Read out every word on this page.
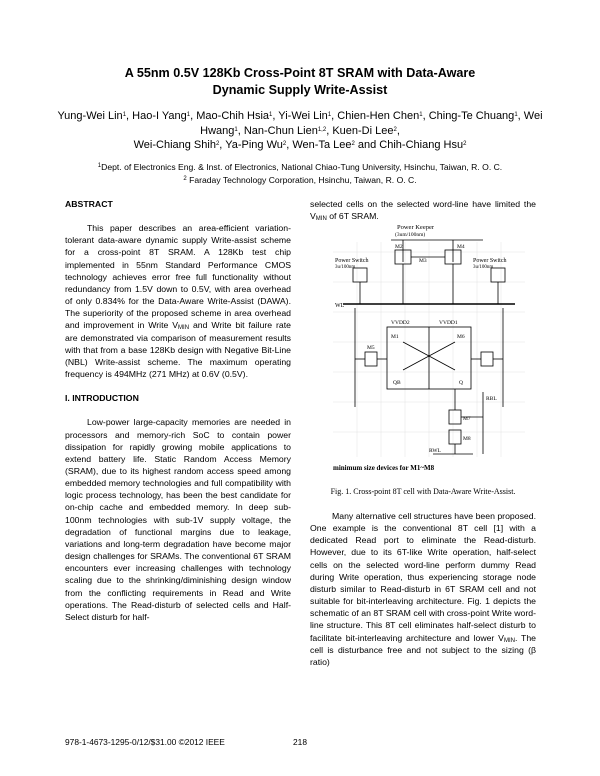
A 55nm 0.5V 128Kb Cross-Point 8T SRAM with Data-Aware
Dynamic Supply Write-Assist
Yung-Wei Lin$^1$, Hao-I Yang$^1$, Mao-Chih Hsia$^1$, Yi-Wei Lin$^1$, Chien-Hen Chen$^1$, Ching-Te Chuang$^1$, Wei Hwang$^1$, Nan-Chun Lien$^{1,2}$, Kuen-Di Lee$^2$,
Wei-Chiang Shih$^2$, Ya-Ping Wu$^2$, Wen-Ta Lee$^2$ and Chih-Chiang Hsu$^2$
$^1$Dept. of Electronics Eng. & Inst. of Electronics, National Chiao-Tung University, Hsinchu, Taiwan, R. O. C.
$^2$ Faraday Technology Corporation, Hsinchu, Taiwan, R. O. C.
ABSTRACT

This paper describes an area-efficient variation-tolerant data-aware dynamic supply Write-assist scheme for a cross-point 8T SRAM. A 128Kb test chip implemented in 55nm Standard Performance CMOS technology achieves error free full functionality without redundancy from 1.5V down to 0.5V, with area overhead of only 0.834% for the Data-Aware Write-Assist (DAWA). The superiority of the proposed scheme in area overhead and improvement in Write $V_{MIN}$ and Write bit failure rate are demonstrated via comparison of measurement results with that from a base 128Kb design with Negative Bit-Line (NBL) Write-assist scheme. The maximum operating frequency is 494MHz (271 MHz) at 0.6V (0.5V).

I. INTRODUCTION

Low-power large-capacity memories are needed in processors and memory-rich SoC to contain power dissipation for rapidly growing mobile applications to extend battery life. Static Random Access Memory (SRAM), due to its highest random access speed among embedded memory technologies and full compatibility with logic process technology, has been the best candidate for on-chip cache and embedded memory. In deep sub-100nm technologies with sub-1V supply voltage, the degradation of functional margins due to leakage, variations and long-term degradation have become major design challenges for SRAMs. The conventional 6T SRAM encounters ever increasing challenges with technology scaling due to the shrinking/diminishing design window from the conflicting requirements in Read and Write operations. The Read-disturb of selected cells and Half-Select disturb for half-

selected cells on the selected word-line have limited the $V_{MIN}$ of 6T SRAM.

Power Keeper
(3um/100nm)
Power Switch
3u/100nm
Power Switch
3u/100nm
WL
M3
M2	M4
VVDD2	VVDD1
M1	M6
M5
M7
M8
QB	Q
RWL
RBL
minimum size devices for M1~M8
Fig. 1. Cross-point 8T cell with Data-Aware Write-Assist.

Many alternative cell structures have been proposed. One example is the conventional 8T cell [1] with a dedicated Read port to eliminate the Read-disturb. However, due to its 6T-like Write operation, half-select cells on the selected word-line perform dummy Read during Write operation, thus experiencing storage node disturb similar to Read-disturb in 6T SRAM cell and not suitable for bit-interleaving architecture. Fig. 1 depicts the schematic of an 8T SRAM cell with cross-point Write word-line structure. This 8T cell eliminates half-select disturb to facilitate bit-interleaving architecture and lower $V_{MIN}$. The cell is disturbance free and not subject to the sizing (β ratio)

978-1-4673-1295-0/12/$31.00 ©2012 IEEE	218
